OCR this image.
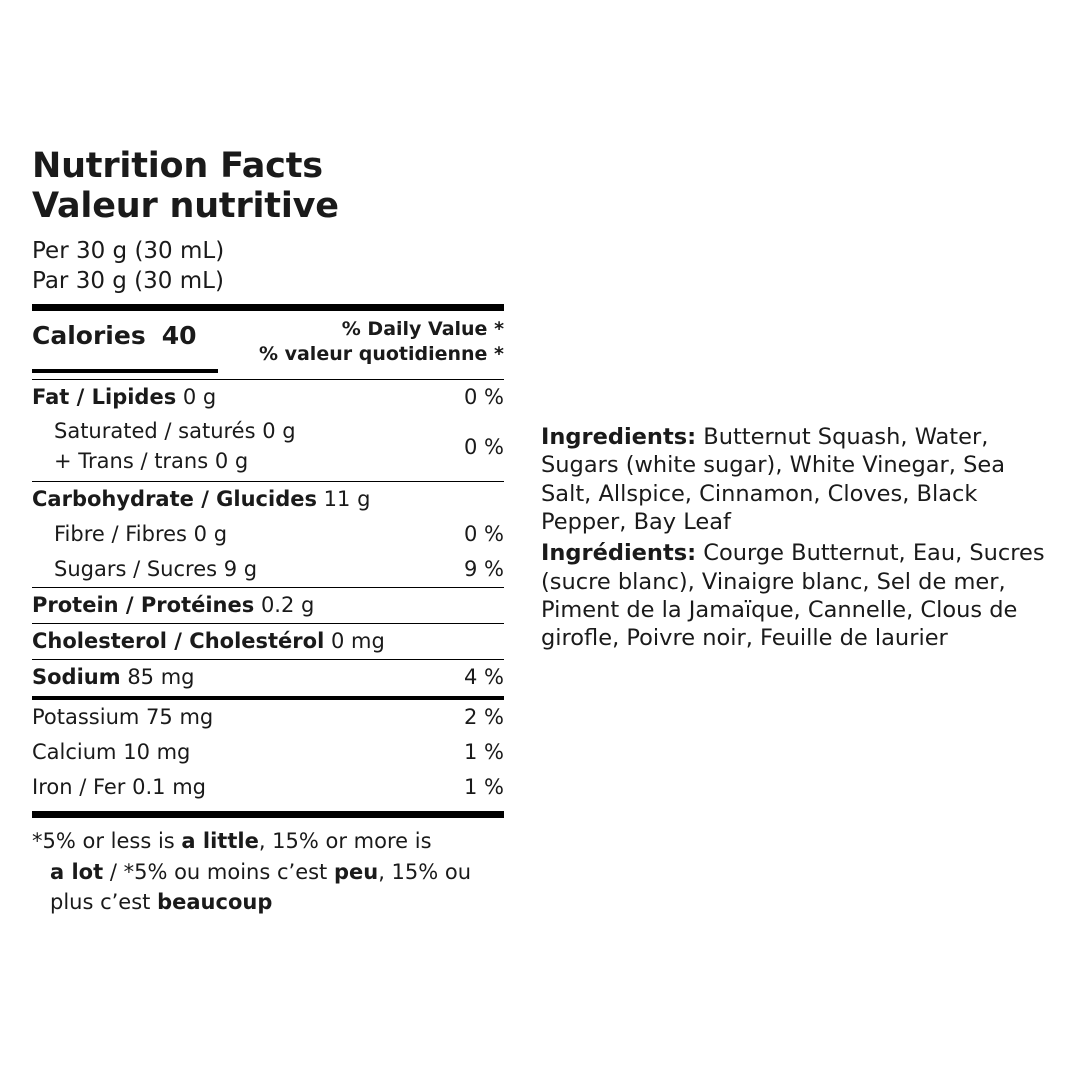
Nutrition Facts
Valeur nutritive
Per 30 g (30 mL)
Par 30 g (30 mL)
Calories 40	% Daily Value *
% valeur quotidienne *
Fat / Lipides 0 g	0 %
Saturated / saturés 0 g
+ Trans / trans 0 g
0 %
Carbohydrate / Glucides 11 g
Fibre / Fibres 0 g	0 %
Sugars / Sucres 9 g	9 %
Protein / Protéines 0.2 g
Cholesterol / Cholestérol 0 mg
Sodium 85 mg	4 %
Potassium 75 mg	2 %
Calcium 10 mg	1 %
Iron / Fer 0.1 mg	1 %
*5% or less is a little, 15% or more is
a lot / *5% ou moins c’est peu, 15% ou
plus c’est beaucoup

Ingredients: Butternut Squash, Water, Sugars (white sugar), White Vinegar, Sea Salt, Allspice, Cinnamon, Cloves, Black Pepper, Bay Leaf

Ingrédients: Courge Butternut, Eau, Sucres (sucre blanc), Vinaigre blanc, Sel de mer, Piment de la Jamaïque, Cannelle, Clous de girofle, Poivre noir, Feuille de laurier
